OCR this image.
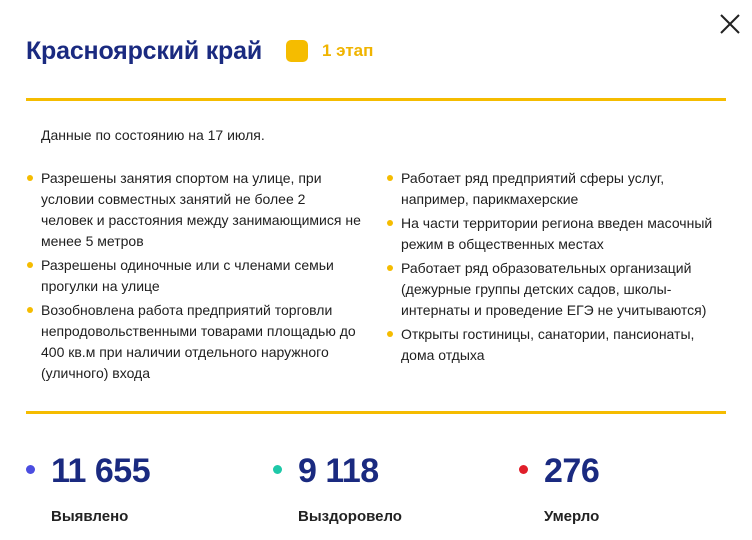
Красноярский край	1 этап
Данные по состоянию на 17 июля.
Разрешены занятия спортом на улице, при условии совместных занятий не более 2 человек и расстояния между занимающимися не менее 5 метров
Разрешены одиночные или с членами семьи прогулки на улице
Возобновлена работа предприятий торговли непродовольственными товарами площадью до 400 кв.м при наличии отдельного наружного (уличного) входа
Работает ряд предприятий сферы услуг, например, парикмахерские
На части территории региона введен масочный режим в общественных местах
Работает ряд образовательных организаций (дежурные группы детских садов, школы-интернаты и проведение ЕГЭ не учитываются)
Открыты гостиницы, санатории, пансионаты, дома отдыха
11 655
Выявлено
9 118
Выздоровело
276
Умерло
